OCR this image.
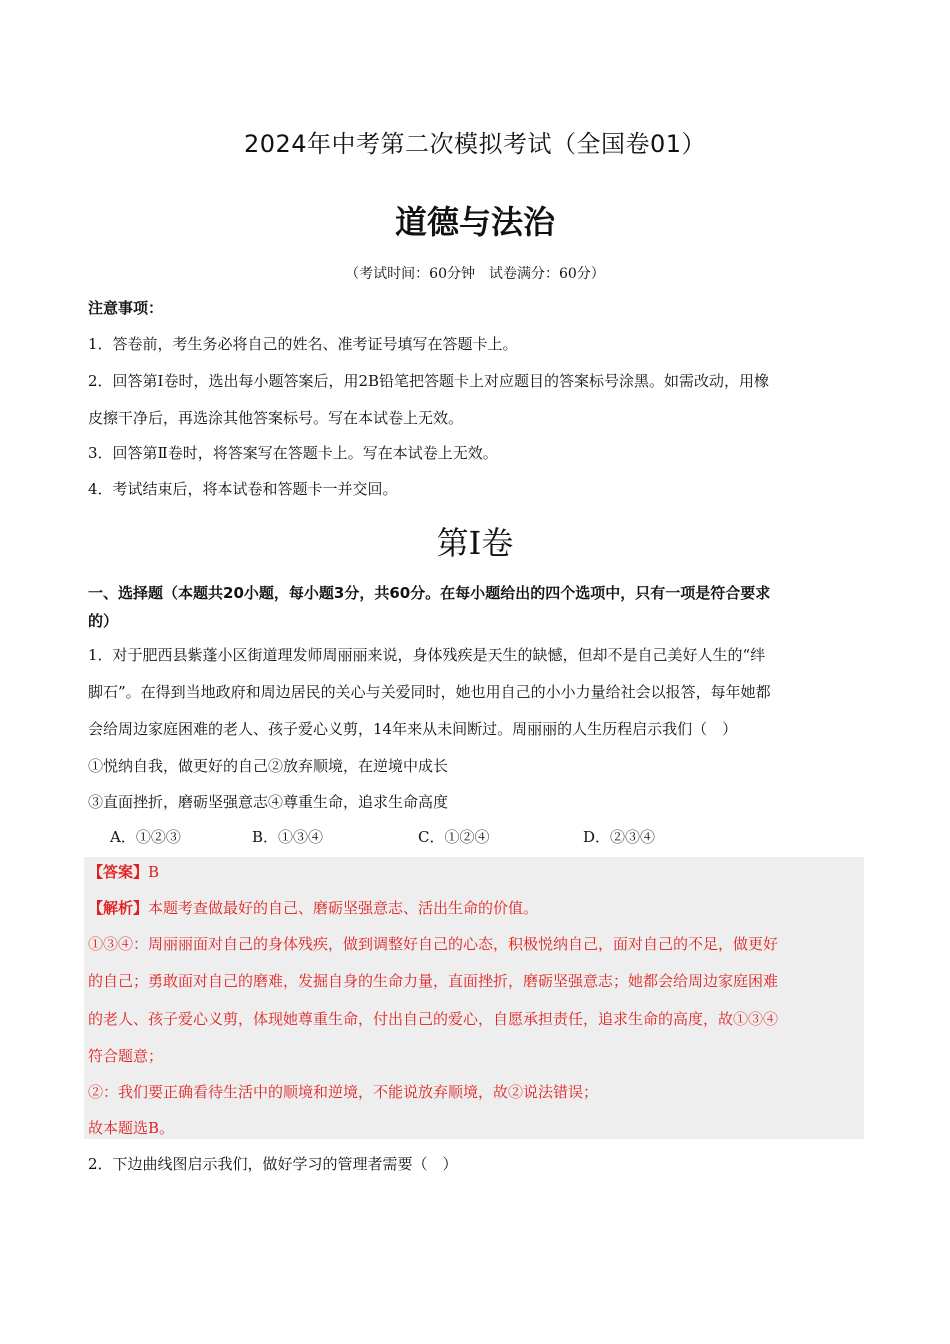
2024年中考第二次模拟考试（全国卷01）
道德与法治
（考试时间：60分钟　试卷满分：60分）
注意事项：
1．答卷前，考生务必将自己的姓名、准考证号填写在答题卡上。
2．回答第Ⅰ卷时，选出每小题答案后，用2B铅笔把答题卡上对应题目的答案标号涂黑。如需改动，用橡
皮擦干净后，再选涂其他答案标号。写在本试卷上无效。
3．回答第Ⅱ卷时，将答案写在答题卡上。写在本试卷上无效。
4．考试结束后，将本试卷和答题卡一并交回。
第Ⅰ卷
一、选择题（本题共20小题，每小题3分，共60分。在每小题给出的四个选项中，只有一项是符合要求
的）
1．对于肥西县紫蓬小区街道理发师周丽丽来说，身体残疾是天生的缺憾，但却不是自己美好人生的“绊
脚石”。在得到当地政府和周边居民的关心与关爱同时，她也用自己的小小力量给社会以报答，每年她都
会给周边家庭困难的老人、孩子爱心义剪，14年来从未间断过。周丽丽的人生历程启示我们（　）
①悦纳自我，做更好的自己②放弃顺境，在逆境中成长
③直面挫折，磨砺坚强意志④尊重生命，追求生命高度
A．①②③	B．①③④	C．①②④	D．②③④
【答案】B
【解析】本题考查做最好的自己、磨砺坚强意志、活出生命的价值。
①③④：周丽丽面对自己的身体残疾，做到调整好自己的心态，积极悦纳自己，面对自己的不足，做更好
的自己；勇敢面对自己的磨难，发掘自身的生命力量，直面挫折，磨砺坚强意志；她都会给周边家庭困难
的老人、孩子爱心义剪，体现她尊重生命，付出自己的爱心，自愿承担责任，追求生命的高度，故①③④
符合题意；
②：我们要正确看待生活中的顺境和逆境，不能说放弃顺境，故②说法错误；
故本题选B。
2．下边曲线图启示我们，做好学习的管理者需要（　）
